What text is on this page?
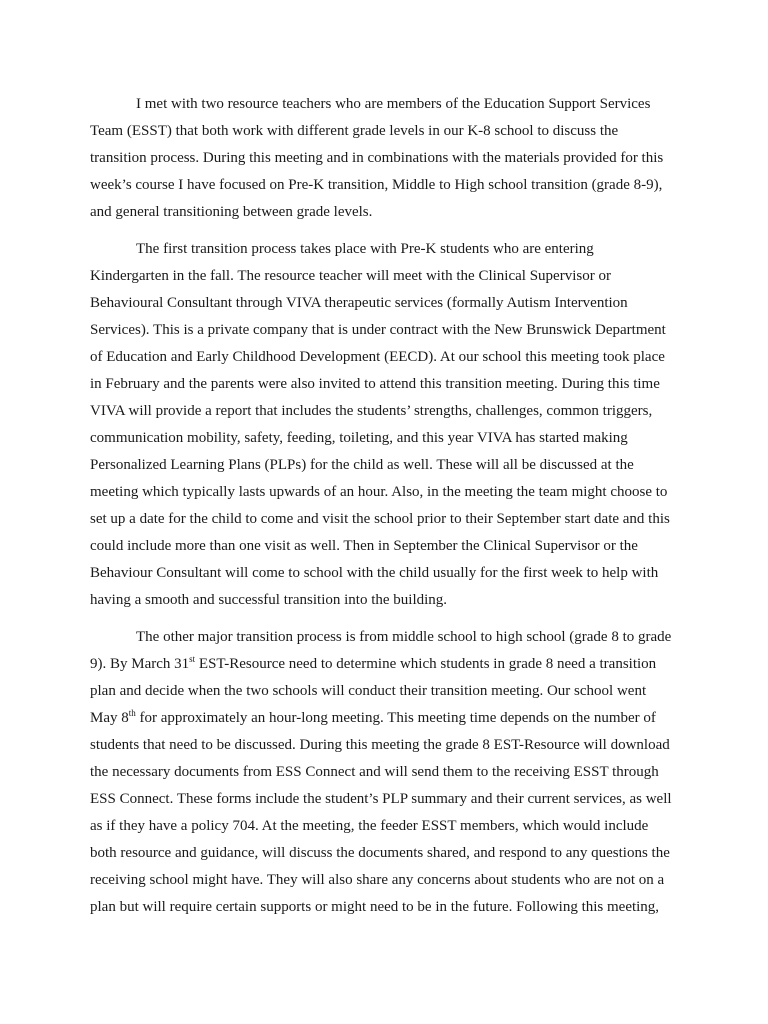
I met with two resource teachers who are members of the Education Support Services
Team (ESST) that both work with different grade levels in our K-8 school to discuss the
transition process. During this meeting and in combinations with the materials provided for this
week’s course I have focused on Pre-K transition, Middle to High school transition (grade 8-9),
and general transitioning between grade levels.
The first transition process takes place with Pre-K students who are entering
Kindergarten in the fall. The resource teacher will meet with the Clinical Supervisor or
Behavioural Consultant through VIVA therapeutic services (formally Autism Intervention
Services). This is a private company that is under contract with the New Brunswick Department
of Education and Early Childhood Development (EECD). At our school this meeting took place
in February and the parents were also invited to attend this transition meeting. During this time
VIVA will provide a report that includes the students’ strengths, challenges, common triggers,
communication mobility, safety, feeding, toileting, and this year VIVA has started making
Personalized Learning Plans (PLPs) for the child as well. These will all be discussed at the
meeting which typically lasts upwards of an hour. Also, in the meeting the team might choose to
set up a date for the child to come and visit the school prior to their September start date and this
could include more than one visit as well. Then in September the Clinical Supervisor or the
Behaviour Consultant will come to school with the child usually for the first week to help with
having a smooth and successful transition into the building.
The other major transition process is from middle school to high school (grade 8 to grade
9). By March 31st EST-Resource need to determine which students in grade 8 need a transition
plan and decide when the two schools will conduct their transition meeting. Our school went
May 8th for approximately an hour-long meeting. This meeting time depends on the number of
students that need to be discussed. During this meeting the grade 8 EST-Resource will download
the necessary documents from ESS Connect and will send them to the receiving ESST through
ESS Connect. These forms include the student’s PLP summary and their current services, as well
as if they have a policy 704. At the meeting, the feeder ESST members, which would include
both resource and guidance, will discuss the documents shared, and respond to any questions the
receiving school might have. They will also share any concerns about students who are not on a
plan but will require certain supports or might need to be in the future. Following this meeting,
